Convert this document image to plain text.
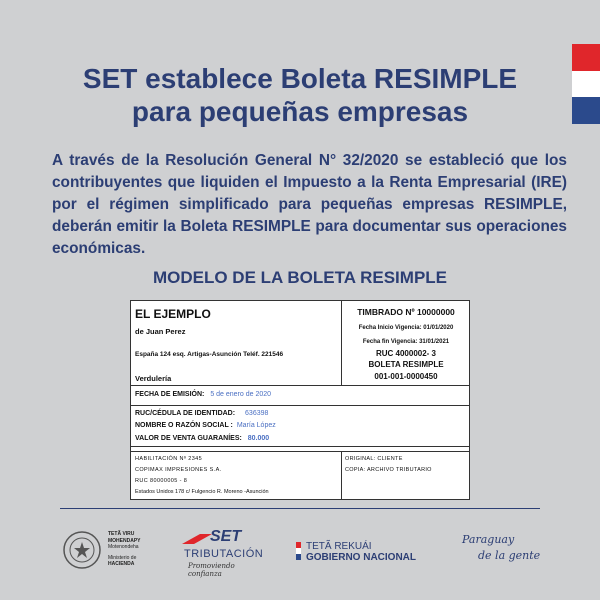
SET establece Boleta RESIMPLE
para pequeñas empresas
A través de la Resolución General N° 32/2020 se estableció que los contribuyentes que liquiden el Impuesto a la Renta Empresarial (IRE) por el régimen simplificado para pequeñas empresas RESIMPLE, deberán emitir la Boleta RESIMPLE para documentar sus operaciones económicas.
MODELO DE LA BOLETA RESIMPLE
EL EJEMPLO
de Juan Perez
España 124 esq. Artigas-Asunción Teléf. 221546
Verdulería
TIMBRADO Nº 10000000
Fecha Inicio Vigencia: 01/01/2020
Fecha fin Vigencia: 31/01/2021
RUC 4000002- 3
BOLETA RESIMPLE
001-001-0000450
FECHA DE EMISIÓN: 5 de enero de 2020
RUC/CÉDULA DE IDENTIDAD: 636398
NOMBRE O RAZÓN SOCIAL : María López
VALOR DE VENTA GUARANÍES: 80.000
HABILITACIÓN Nº 2345
COPIMAX IMPRESIONES S.A.
RUC 80000005 - 8
Estados Unidos 178 c/ Fulgencio R. Moreno -Asunción
ORIGINAL: CLIENTE
COPIA: ARCHIVO TRIBUTARIO
TETÃ VIRU
MOHENDAPY
Motenondeha
Ministerio de
HACIENDA
SET
TRIBUTACIÓN
Promoviendo confianza
TETÃ REKUÁI
GOBIERNO NACIONAL
Paraguay
de la gente
